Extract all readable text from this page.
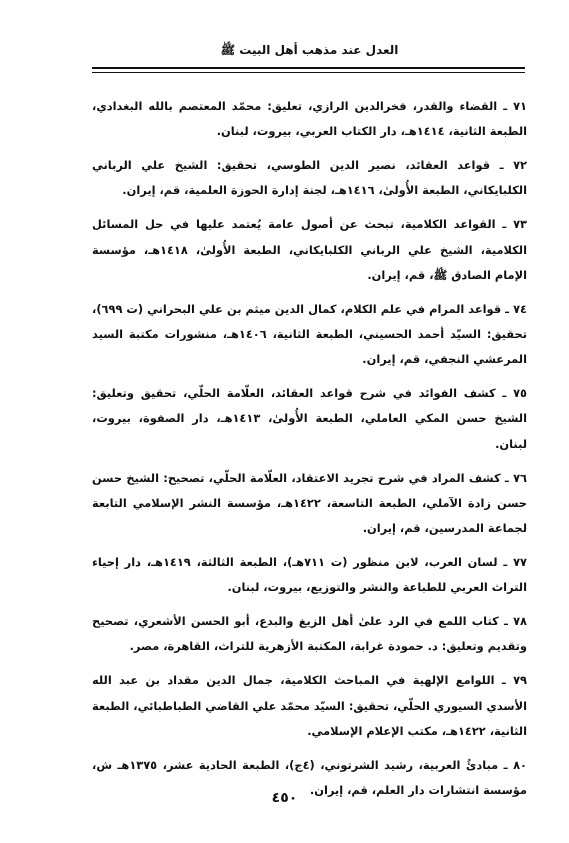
العدل عند مذهب أهل البيت ﷺ
٧١ ـ القضاء والقدر، فخرالدين الرازي، تعليق: محمّد المعتصم بالله البغدادي، الطبعة الثانية، ١٤١٤هـ، دار الكتاب العربي، بيروت، لبنان.
٧٢ ـ قواعد العقائد، نصير الدين الطوسي، تحقيق: الشيخ علي الرباني الكلبايكاني، الطبعة الأُولىٰ، ١٤١٦هـ، لجنة إدارة الحوزة العلمية، قم، إيران.
٧٣ ـ القواعد الكلامية، تبحث عن أصول عامة يُعتمد عليها في حل المسائل الكلامية، الشيخ علي الرباني الكلبايكاني، الطبعة الأُولىٰ، ١٤١٨هـ، مؤسسة الإمام الصادق ﷺ، قم، إيران.
٧٤ ـ قواعد المرام في علم الكلام، كمال الدين ميثم بن علي البحراني (ت ٦٩٩)، تحقيق: السيّد أحمد الحسيني، الطبعة الثانية، ١٤٠٦هـ، منشورات مكتبة السيد المرعشي النجفي، قم، إيران.
٧٥ ـ كشف الفوائد في شرح قواعد العقائد، العلّامة الحلّي، تحقيق وتعليق: الشيخ حسن المكي العاملي، الطبعة الأُولىٰ، ١٤١٣هـ، دار الصفوة، بيروت، لبنان.
٧٦ ـ كشف المراد في شرح تجريد الاعتقاد، العلّامة الحلّي، تصحيح: الشيخ حسن حسن زادة الآملي، الطبعة التاسعة، ١٤٢٢هـ، مؤسسة النشر الإسلامي التابعة لجماعة المدرسين، قم، إيران.
٧٧ ـ لسان العرب، لابن منظور (ت ٧١١هـ)، الطبعة الثالثة، ١٤١٩هـ، دار إحياء التراث العربي للطباعة والنشر والتوزيع، بيروت، لبنان.
٧٨ ـ كتاب اللمع في الرد علىٰ أهل الزيغ والبدع، أبو الحسن الأشعري، تصحيح وتقديم وتعليق: د. حمودة غرابة، المكتبة الأزهرية للتراث، القاهرة، مصر.
٧٩ ـ اللوامع الإلهية في المباحث الكلامية، جمال الدين مقداد بن عبد الله الأسدي السيوري الحلّي، تحقيق: السيّد محمّد علي القاضي الطباطبائي، الطبعة الثانية، ١٤٢٢هـ، مكتب الإعلام الإسلامي.
٨٠ ـ مبادئُ العربية، رشيد الشرتوني، (٤ج)، الطبعة الحادية عشر، ١٣٧٥هـ ش، مؤسسة انتشارات دار العلم، قم، إيران.
٤٥٠
